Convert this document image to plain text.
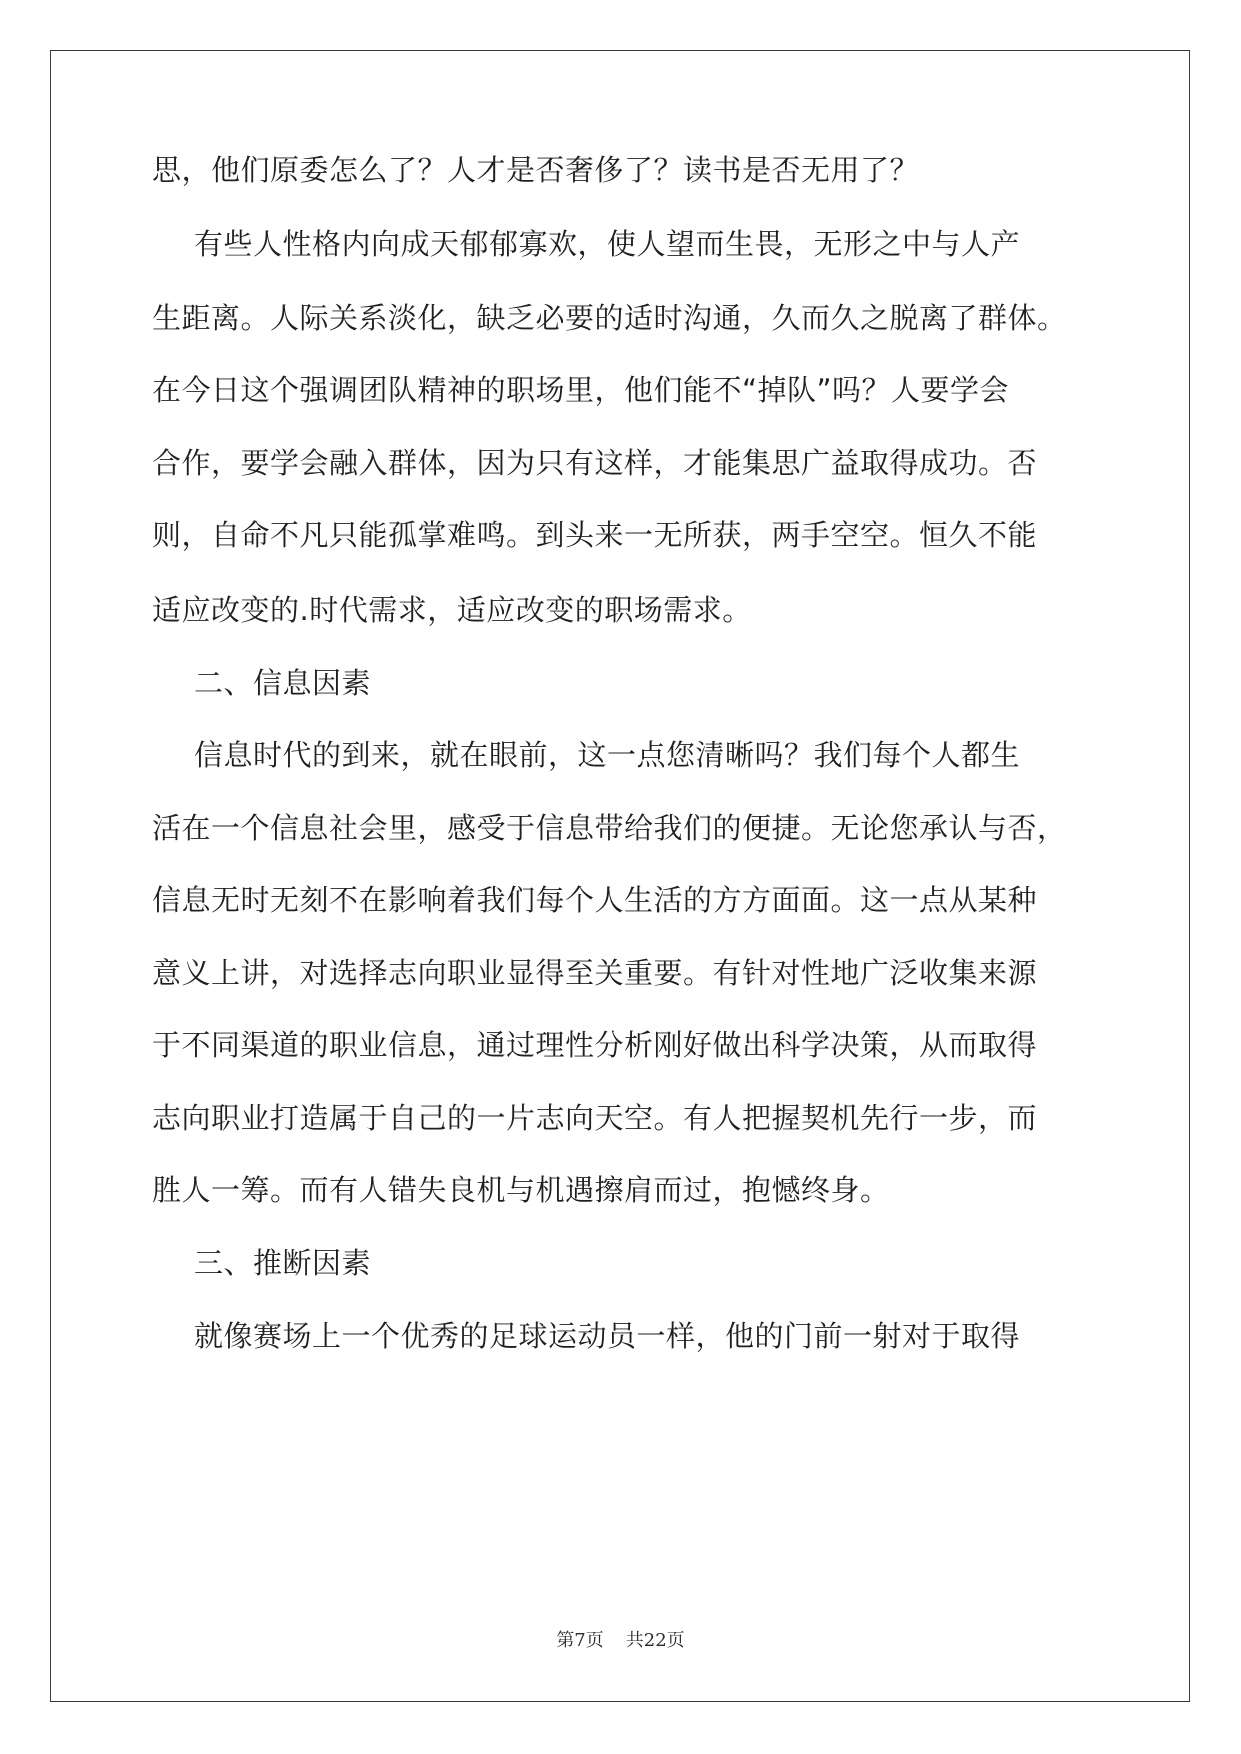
思，他们原委怎么了？人才是否奢侈了？读书是否无用了？
有些人性格内向成天郁郁寡欢，使人望而生畏，无形之中与人产
生距离。人际关系淡化，缺乏必要的适时沟通，久而久之脱离了群体。
在今日这个强调团队精神的职场里，他们能不“掉队”吗？人要学会
合作，要学会融入群体，因为只有这样，才能集思广益取得成功。否
则，自命不凡只能孤掌难鸣。到头来一无所获，两手空空。恒久不能
适应改变的.时代需求，适应改变的职场需求。
二、信息因素
信息时代的到来，就在眼前，这一点您清晰吗？我们每个人都生
活在一个信息社会里，感受于信息带给我们的便捷。无论您承认与否，
信息无时无刻不在影响着我们每个人生活的方方面面。这一点从某种
意义上讲，对选择志向职业显得至关重要。有针对性地广泛收集来源
于不同渠道的职业信息，通过理性分析刚好做出科学决策，从而取得
志向职业打造属于自己的一片志向天空。有人把握契机先行一步，而
胜人一筹。而有人错失良机与机遇擦肩而过，抱憾终身。
三、推断因素
就像赛场上一个优秀的足球运动员一样，他的门前一射对于取得
第7页 共22页
